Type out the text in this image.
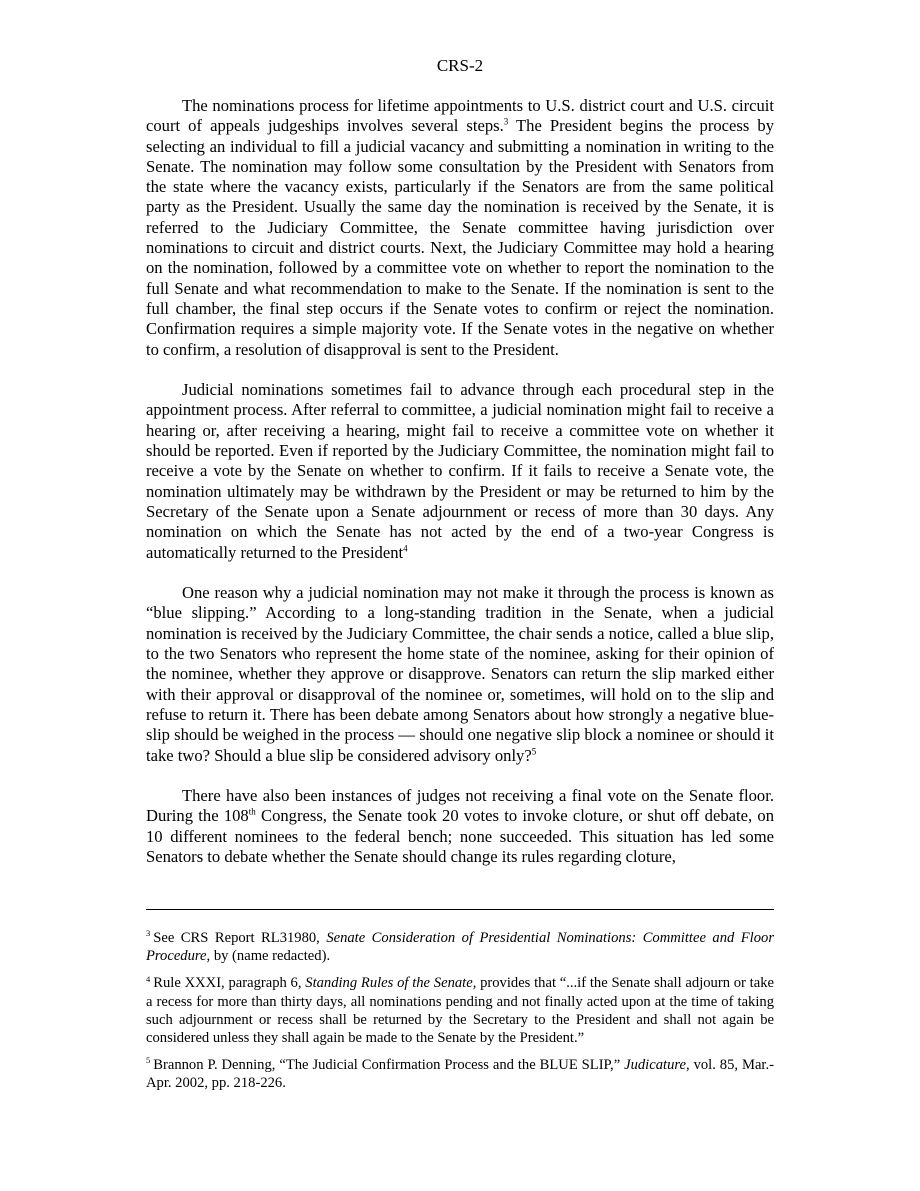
CRS-2

The nominations process for lifetime appointments to U.S. district court and U.S. circuit court of appeals judgeships involves several steps.$^3$ The President begins the process by selecting an individual to fill a judicial vacancy and submitting a nomination in writing to the Senate. The nomination may follow some consultation by the President with Senators from the state where the vacancy exists, particularly if the Senators are from the same political party as the President. Usually the same day the nomination is received by the Senate, it is referred to the Judiciary Committee, the Senate committee having jurisdiction over nominations to circuit and district courts. Next, the Judiciary Committee may hold a hearing on the nomination, followed by a committee vote on whether to report the nomination to the full Senate and what recommendation to make to the Senate. If the nomination is sent to the full chamber, the final step occurs if the Senate votes to confirm or reject the nomination. Confirmation requires a simple majority vote. If the Senate votes in the negative on whether to confirm, a resolution of disapproval is sent to the President.

Judicial nominations sometimes fail to advance through each procedural step in the appointment process. After referral to committee, a judicial nomination might fail to receive a hearing or, after receiving a hearing, might fail to receive a committee vote on whether it should be reported. Even if reported by the Judiciary Committee, the nomination might fail to receive a vote by the Senate on whether to confirm. If it fails to receive a Senate vote, the nomination ultimately may be withdrawn by the President or may be returned to him by the Secretary of the Senate upon a Senate adjournment or recess of more than 30 days. Any nomination on which the Senate has not acted by the end of a two-year Congress is automatically returned to the President$^4$

One reason why a judicial nomination may not make it through the process is known as “blue slipping.” According to a long-standing tradition in the Senate, when a judicial nomination is received by the Judiciary Committee, the chair sends a notice, called a blue slip, to the two Senators who represent the home state of the nominee, asking for their opinion of the nominee, whether they approve or disapprove. Senators can return the slip marked either with their approval or disapproval of the nominee or, sometimes, will hold on to the slip and refuse to return it. There has been debate among Senators about how strongly a negative blue-slip should be weighed in the process — should one negative slip block a nominee or should it take two? Should a blue slip be considered advisory only?$^5$

There have also been instances of judges not receiving a final vote on the Senate floor. During the 108th Congress, the Senate took 20 votes to invoke cloture, or shut off debate, on 10 different nominees to the federal bench; none succeeded. This situation has led some Senators to debate whether the Senate should change its rules regarding cloture,

$^3$ See CRS Report RL31980, Senate Consideration of Presidential Nominations: Committee and Floor Procedure, by (name redacted).

$^4$ Rule XXXI, paragraph 6, Standing Rules of the Senate, provides that “...if the Senate shall adjourn or take a recess for more than thirty days, all nominations pending and not finally acted upon at the time of taking such adjournment or recess shall be returned by the Secretary to the President and shall not again be considered unless they shall again be made to the Senate by the President.”

$^5$ Brannon P. Denning, “The Judicial Confirmation Process and the BLUE SLIP,” Judicature, vol. 85, Mar.-Apr. 2002, pp. 218-226.
